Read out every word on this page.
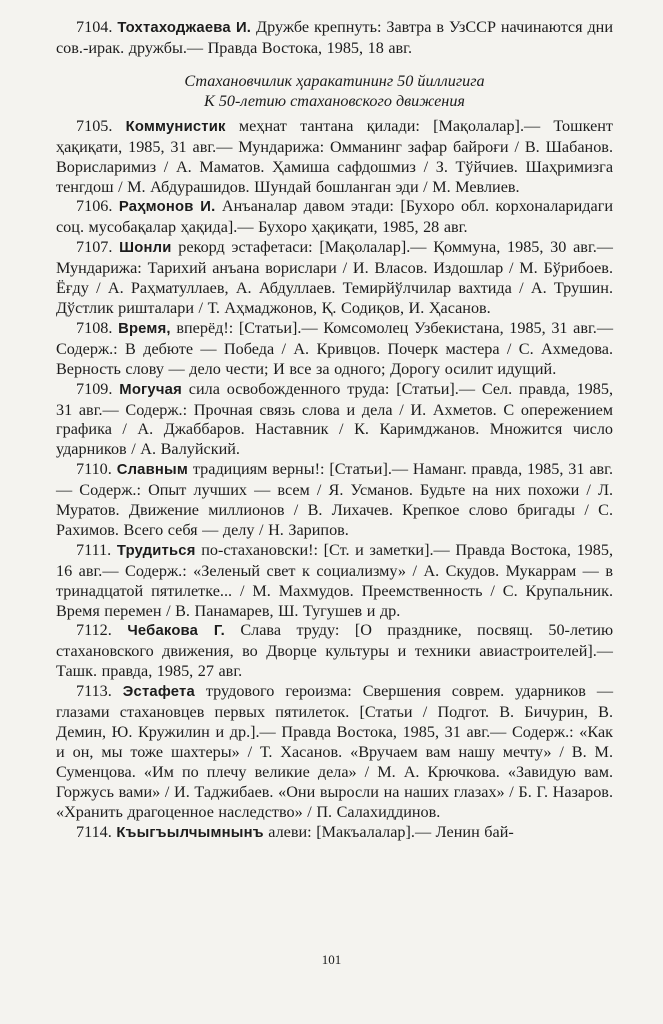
7104. Тохтаходжаева И. Дружбе крепнуть: Завтра в УзССР начинаются дни сов.-ирак. дружбы.— Правда Востока, 1985, 18 авг.

Стахановчилик ҳаракатининг 50 йиллигига
К 50-летию стахановского движения

7105. Коммунистик меҳнат тантана қилади: [Мақолалар].— Тошкент ҳақиқати, 1985, 31 авг.— Мундарижа: Омманинг зафар байроғи / В. Шабанов. Ворисларимиз / А. Маматов. Ҳамиша сафдошмиз / З. Тўйчиев. Шаҳримизга тенгдош / М. Абдурашидов. Шундай бошланган эди / М. Мевлиев.

7106. Раҳмонов И. Анъаналар давом этади: [Бухоро обл. корхоналаридаги соц. мусобақалар ҳақида].— Бухоро ҳақиқати, 1985, 28 авг.

7107. Шонли рекорд эстафетаси: [Мақолалар].— Қоммуна, 1985, 30 авг.— Мундарижа: Тарихий анъана ворислари / И. Власов. Издошлар / М. Бўрибоев. Ёғду / А. Раҳматуллаев, А. Абдуллаев. Темирйўлчилар вахтида / А. Трушин. Дўстлик ришталари / Т. Аҳмаджонов, Қ. Содиқов, И. Ҳасанов.

7108. Время, вперёд!: [Статьи].— Комсомолец Узбекистана, 1985, 31 авг.— Содерж.: В дебюте — Победа / А. Кривцов. Почерк мастера / С. Ахмедова. Верность слову — дело чести; И все за одного; Дорогу осилит идущий.

7109. Могучая сила освобожденного труда: [Статьи].— Сел. правда, 1985, 31 авг.— Содерж.: Прочная связь слова и дела / И. Ахметов. С опережением графика / А. Джаббаров. Наставник / К. Каримджанов. Множится число ударников / А. Валуйский.

7110. Славным традициям верны!: [Статьи].— Наманг. правда, 1985, 31 авг.— Содерж.: Опыт лучших — всем / Я. Усманов. Будьте на них похожи / Л. Муратов. Движение миллионов / В. Лихачев. Крепкое слово бригады / С. Рахимов. Всего себя — делу / Н. Зарипов.

7111. Трудиться по-стахановски!: [Ст. и заметки].— Правда Востока, 1985, 16 авг.— Содерж.: «Зеленый свет к социализму» / А. Скудов. Мукаррам — в тринадцатой пятилетке... / М. Махмудов. Преемственность / С. Крупальник. Время перемен / В. Панамарев, Ш. Тугушев и др.

7112. Чебакова Г. Слава труду: [О празднике, посвящ. 50-летию стахановского движения, во Дворце культуры и техники авиастроителей].— Ташк. правда, 1985, 27 авг.

7113. Эстафета трудового героизма: Свершения соврем. ударников — глазами стахановцев первых пятилеток. [Статьи / Подгот. В. Бичурин, В. Демин, Ю. Кружилин и др.].— Правда Востока, 1985, 31 авг.— Содерж.: «Как и он, мы тоже шахтеры» / Т. Хасанов. «Вручаем вам нашу мечту» / В. М. Суменцова. «Им по плечу великие дела» / М. А. Крючкова. «Завидую вам. Горжусь вами» / И. Таджибаев. «Они выросли на наших глазах» / Б. Г. Назаров. «Хранить драгоценное наследство» / П. Салахиддинов.

7114. Къыгъылчымнынъ алеви: [Макъалалар].— Ленин бай-

101
